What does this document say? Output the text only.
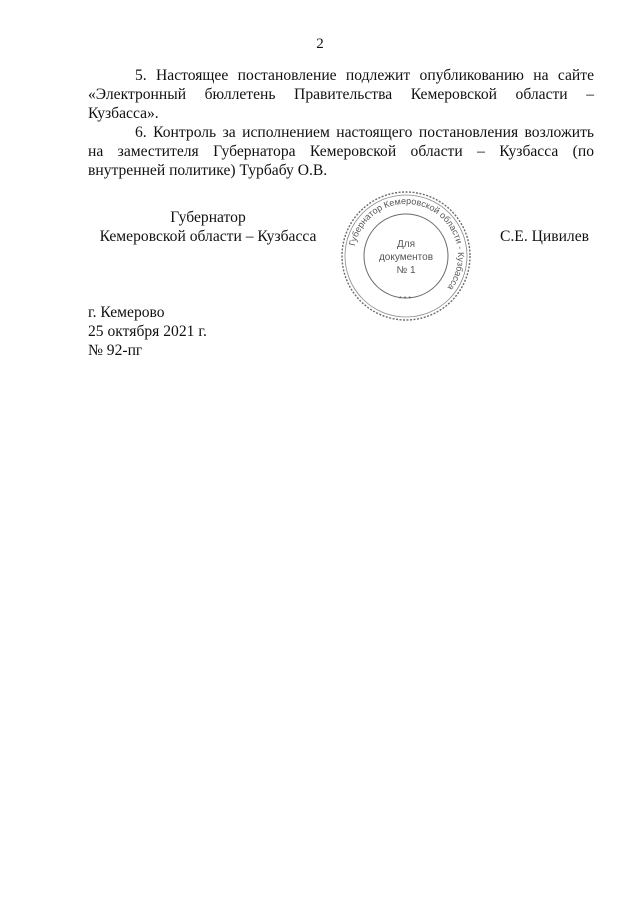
2

5. Настоящее постановление подлежит опубликованию на сайте «Электронный бюллетень Правительства Кемеровской области – Кузбасса».

6. Контроль за исполнением настоящего постановления возложить на заместителя Губернатора Кемеровской области – Кузбасса (по внутренней политике) Турбабу О.В.

Губернатор
Кемеровской области – Кузбасса	Губернатор Кемеровской области - Кузбасса
* * *
Для
документов
№ 1
С.Е. Цивилев
г. Кемерово
25 октября 2021 г.
№ 92-пг
